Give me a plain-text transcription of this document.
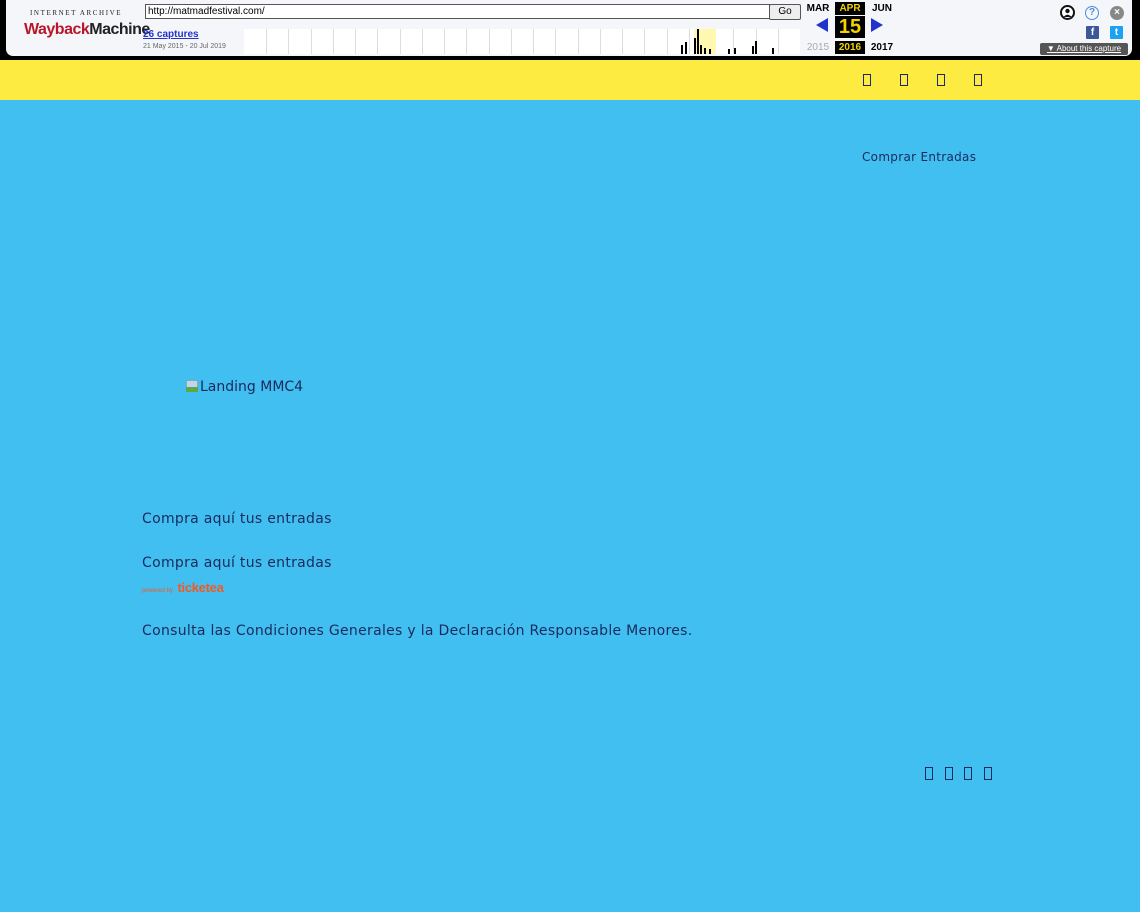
INTERNET ARCHIVE
WaybackMachine
http://matmadfestival.com/	Go
26 captures
21 May 2015 - 20 Jul 2019
MAR	APR	JUN
15
2015 2016 2017
?	×
f	t
▼ About this capture
Comprar Entradas
Landing MMC4
Compra aquí tus entradas
Compra aquí tus entradas
powered by ticketea
Consulta las Condiciones Generales y la Declaración Responsable Menores.
